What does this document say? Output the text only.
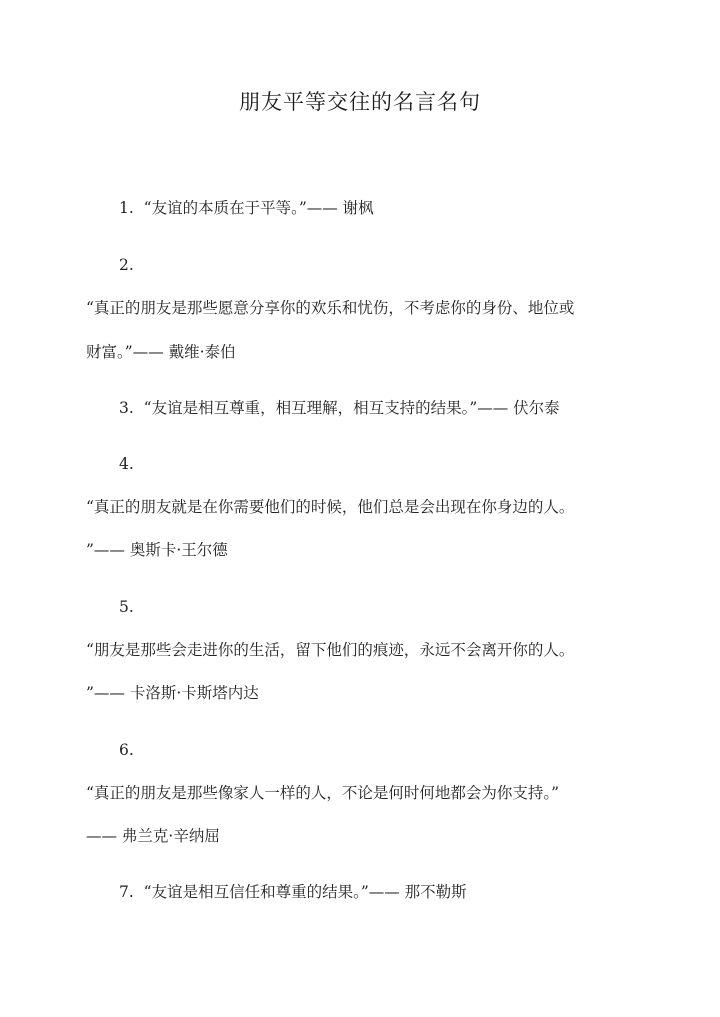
朋友平等交往的名言名句
1. “友谊的本质在于平等。”—— 谢枫
2.
“真正的朋友是那些愿意分享你的欢乐和忧伤，不考虑你的身份、地位或
财富。”—— 戴维·泰伯
3. “友谊是相互尊重，相互理解，相互支持的结果。”—— 伏尔泰
4.
“真正的朋友就是在你需要他们的时候，他们总是会出现在你身边的人。
”—— 奥斯卡·王尔德
5.
“朋友是那些会走进你的生活，留下他们的痕迹，永远不会离开你的人。
”—— 卡洛斯·卡斯塔内达
6.
“真正的朋友是那些像家人一样的人，不论是何时何地都会为你支持。”
—— 弗兰克·辛纳屈
7. “友谊是相互信任和尊重的结果。”—— 那不勒斯
